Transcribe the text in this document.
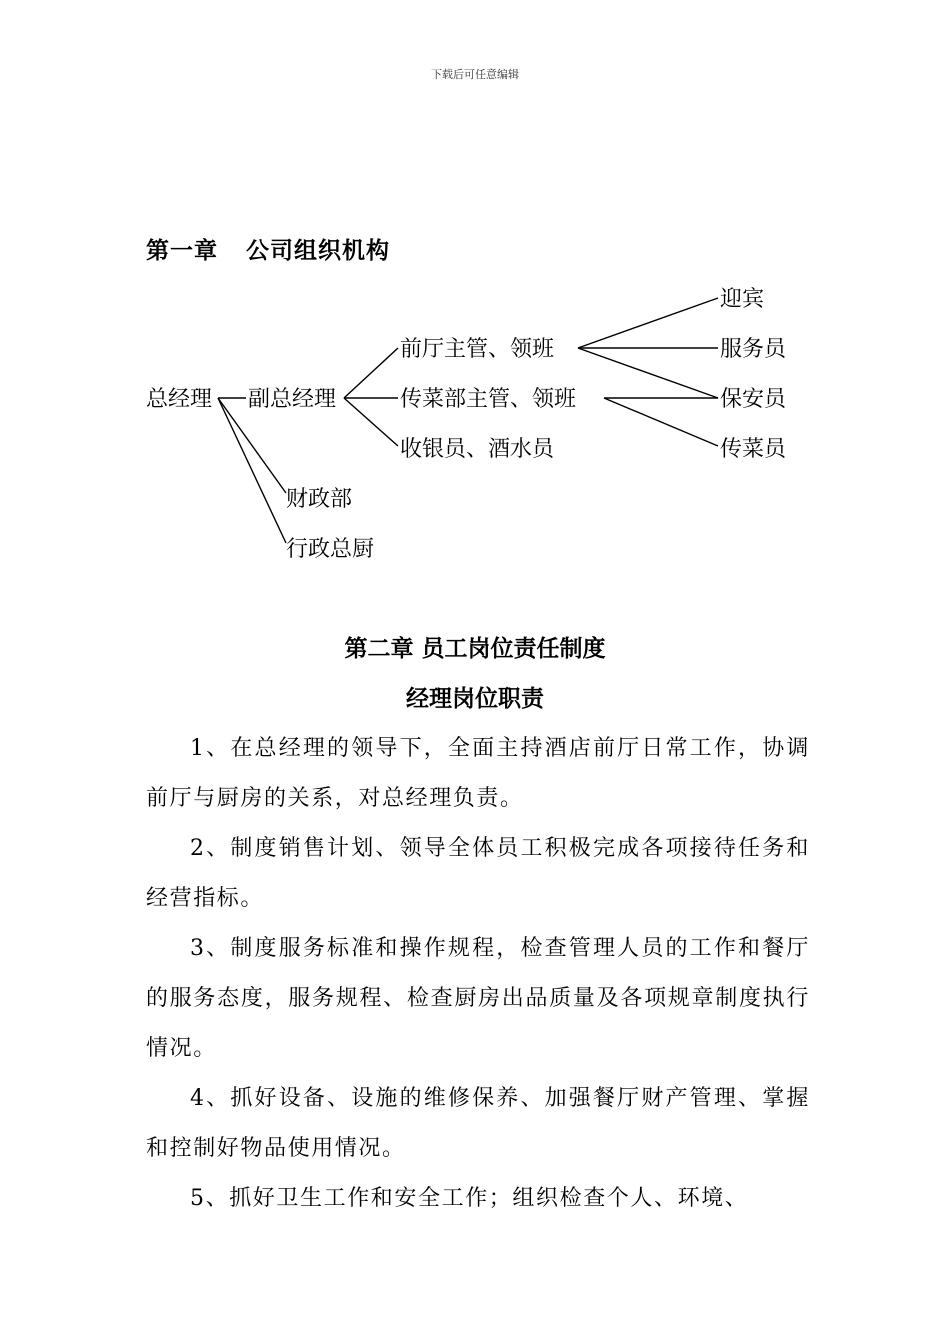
下载后可任意编辑
第一章 公司组织机构
总经理 副总经理
财政部
行政总厨
前厅主管、领班
传菜部主管、领班
收银员、酒水员
迎宾
服务员
保安员
传菜员
第二章 员工岗位责任制度
经理岗位职责

1、在总经理的领导下，全面主持酒店前厅日常工作，协调前厅与厨房的关系，对总经理负责。

2、制度销售计划、领导全体员工积极完成各项接待任务和经营指标。

3、制度服务标准和操作规程，检查管理人员的工作和餐厅的服务态度，服务规程、检查厨房出品质量及各项规章制度执行情况。

4、抓好设备、设施的维修保养、加强餐厅财产管理、掌握和控制好物品使用情况。

5、抓好卫生工作和安全工作；组织检查个人、环境、
